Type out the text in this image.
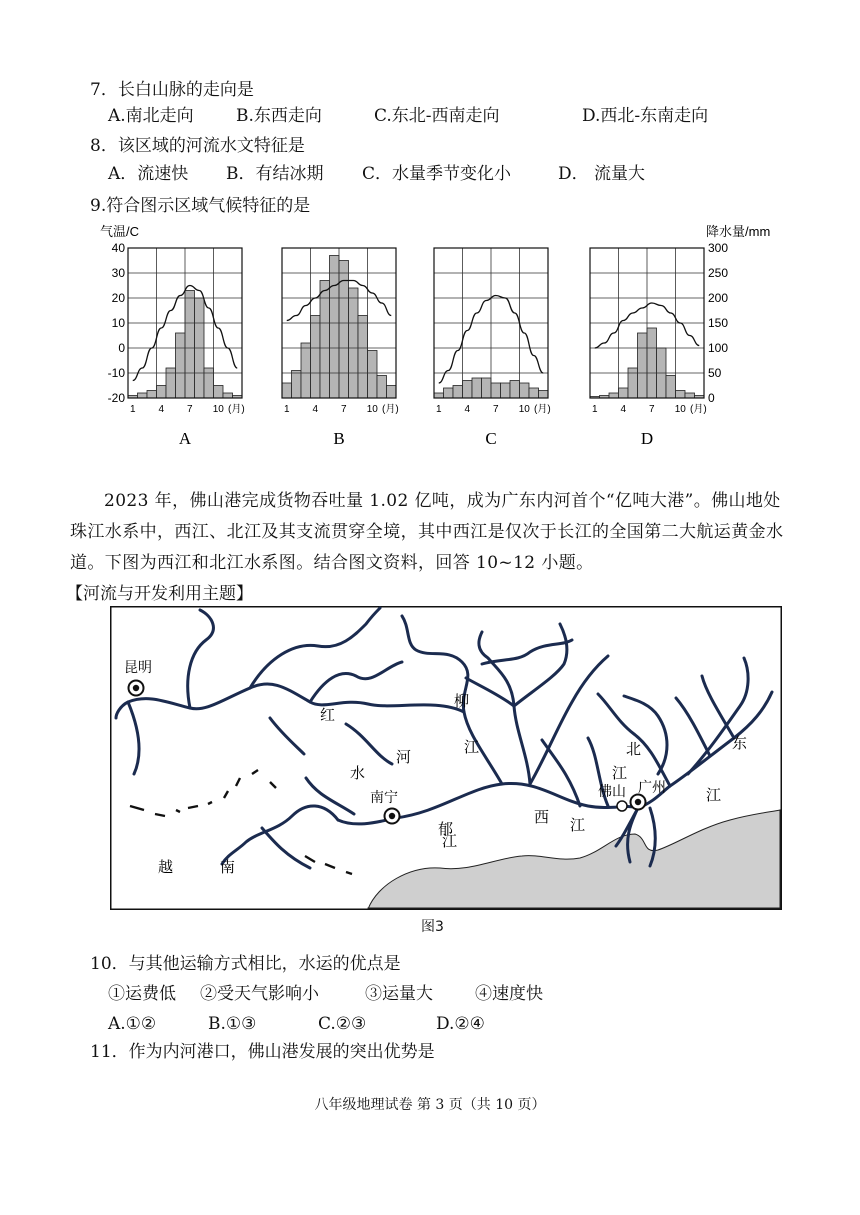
7．长白山脉的走向是
A.南北走向 B.东西走向	C.东北-西南走向	D.西北-东南走向
8．该区域的河流水文特征是
A．流速快 B．有结冰期 C．水量季节变化小	D． 流量大
9.符合图示区域气候特征的是
气温/C	降水量/mm
40
30
20
10
0
-10
-20
300
250
200
150
100
50
0
1 4 7 10 (月)
A
1 4 7 10 (月)
B
1 4 7 10 (月)
C
1 4 7 10 (月)
D

2023 年，佛山港完成货物吞吐量 1.02 亿吨，成为广东内河首个“亿吨大港”。佛山地处珠江水系中，西江、北江及其支流贯穿全境，其中西江是仅次于长江的全国第二大航运黄金水道。下图为西江和北江水系图。结合图文资料，回答 10~12 小题。

【河流与开发利用主题】
昆明
南宁
广州
佛山
红
水
河
柳
江
郁
江
西 江
北
江
东
江
越	南
图3
10．与其他运输方式相比，水运的优点是
①运费低 ②受天气影响小	③运量大 ④速度快
A.①②	B.①③	C.②③	D.②④
11．作为内河港口，佛山港发展的突出优势是
八年级地理试卷 第 3 页（共 10 页）
